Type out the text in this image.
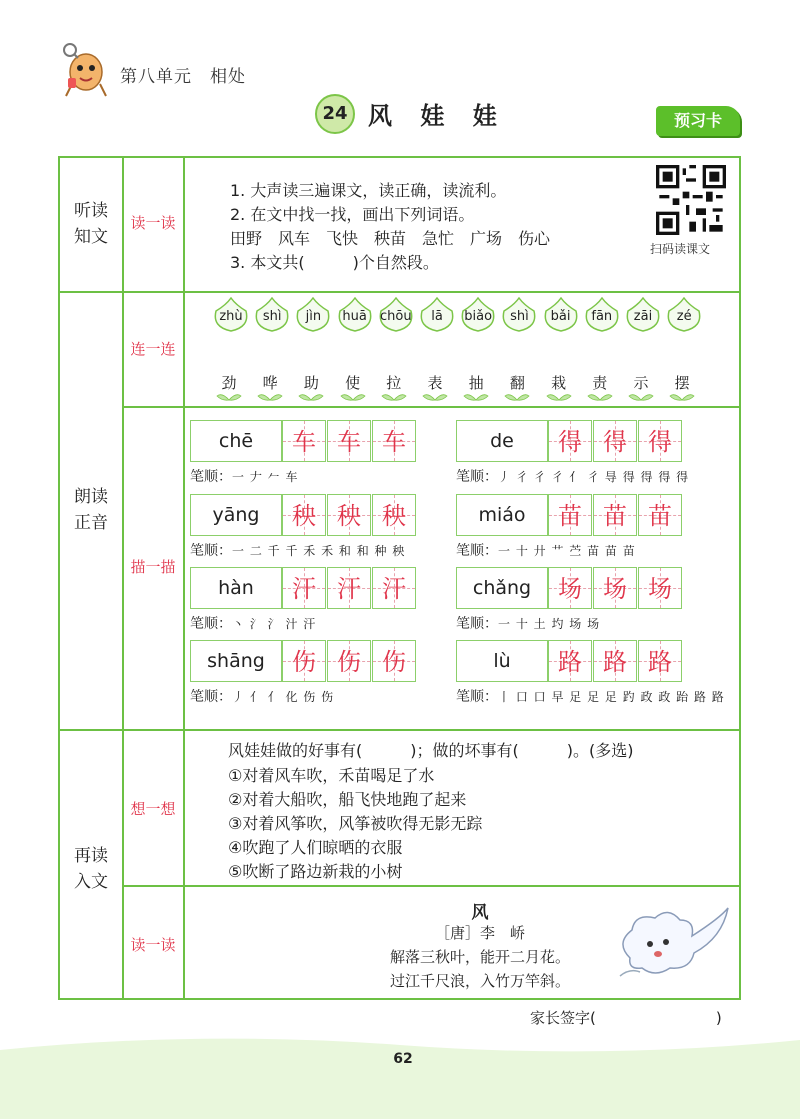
第八单元　相处
24 风 娃 娃	预习卡
听读
知文
读一读
1. 大声读三遍课文，读正确，读流利。
2. 在文中找一找，画出下列词语。
田野　风车　飞快　秧苗　急忙　广场　伤心
3. 本文共(　　　)个自然段。
扫码读课文
朗读
正音
连一连
zhù	shì	jìn	huā	chōu	lā	biǎo	shì	bǎi	fān	zāi	zé
劲	哗	助	使	拉	表	抽	翻	栽	责	示	摆
描一描
chē	车 车 车
笔顺：一 𠂇 𠂉 车
de	得 得 得
笔顺：丿 彳 彳 彳 ⺅ 彳 㝵 得 得 得 得
yāng	秧 秧 秧
笔顺：一 二 千 千 禾 禾 和 和 种 秧
miáo	苗 苗 苗
笔顺：一 十 廾 艹 苎 苗 苗 苗
hàn	汗 汗 汗
笔顺：丶 氵 氵 汁 汗
chǎng	场 场 场
笔顺：一 十 土 圴 场 场
shāng	伤 伤 伤
笔顺：丿 亻 亻 化 伤 伤
lù	路 路 路
笔顺：丨 口 口 早 足 足 足 趵 政 政 跆 路 路
再读
入文
想一想
风娃娃做的好事有(　　　)；做的坏事有(　　　)。(多选)
①对着风车吹，禾苗喝足了水
②对着大船吹，船飞快地跑了起来
③对着风筝吹，风筝被吹得无影无踪
④吹跑了人们晾晒的衣服
⑤吹断了路边新栽的小树
读一读
风
［唐］李　峤
解落三秋叶，能开二月花。
过江千尺浪，入竹万竿斜。
家长签字(　　　　　　　　)
62
